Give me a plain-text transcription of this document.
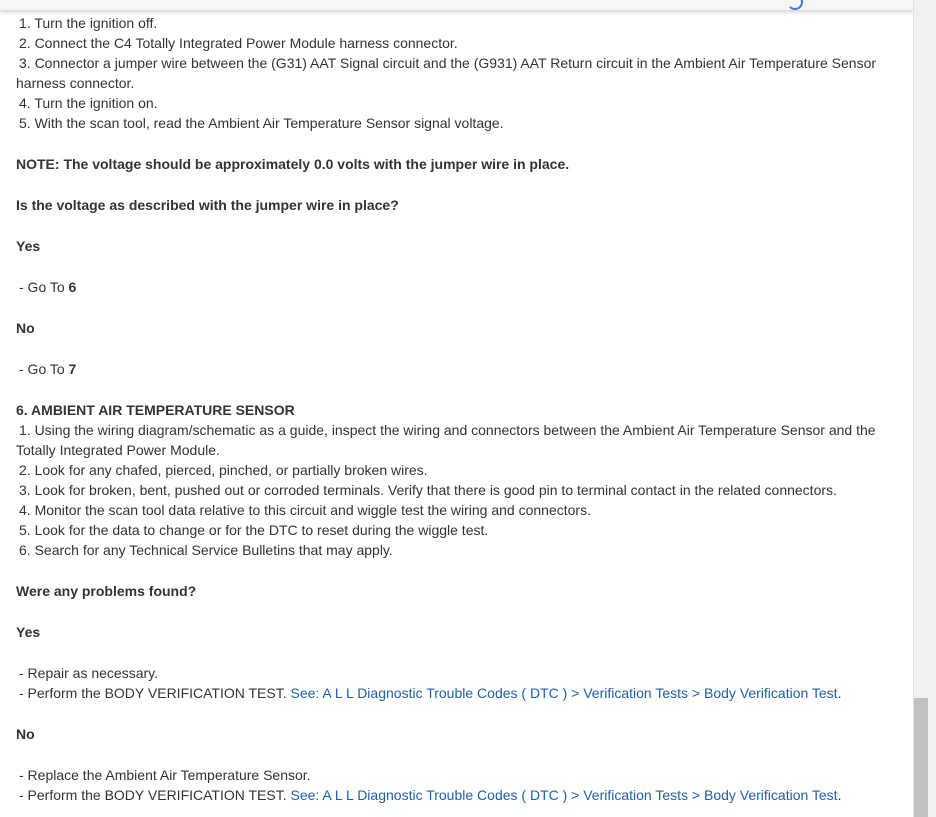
1. Turn the ignition off.
2. Connect the C4 Totally Integrated Power Module harness connector.
3. Connector a jumper wire between the (G31) AAT Signal circuit and the (G931) AAT Return circuit in the Ambient Air Temperature Sensor harness connector.
4. Turn the ignition on.
5. With the scan tool, read the Ambient Air Temperature Sensor signal voltage.
NOTE: The voltage should be approximately 0.0 volts with the jumper wire in place.
Is the voltage as described with the jumper wire in place?
Yes
- Go To 6
No
- Go To 7
6. AMBIENT AIR TEMPERATURE SENSOR
1. Using the wiring diagram/schematic as a guide, inspect the wiring and connectors between the Ambient Air Temperature Sensor and the Totally Integrated Power Module.
2. Look for any chafed, pierced, pinched, or partially broken wires.
3. Look for broken, bent, pushed out or corroded terminals. Verify that there is good pin to terminal contact in the related connectors.
4. Monitor the scan tool data relative to this circuit and wiggle test the wiring and connectors.
5. Look for the data to change or for the DTC to reset during the wiggle test.
6. Search for any Technical Service Bulletins that may apply.
Were any problems found?
Yes
- Repair as necessary.
- Perform the BODY VERIFICATION TEST. See: A L L Diagnostic Trouble Codes ( DTC ) > Verification Tests > Body Verification Test.
No
- Replace the Ambient Air Temperature Sensor.
- Perform the BODY VERIFICATION TEST. See: A L L Diagnostic Trouble Codes ( DTC ) > Verification Tests > Body Verification Test.
